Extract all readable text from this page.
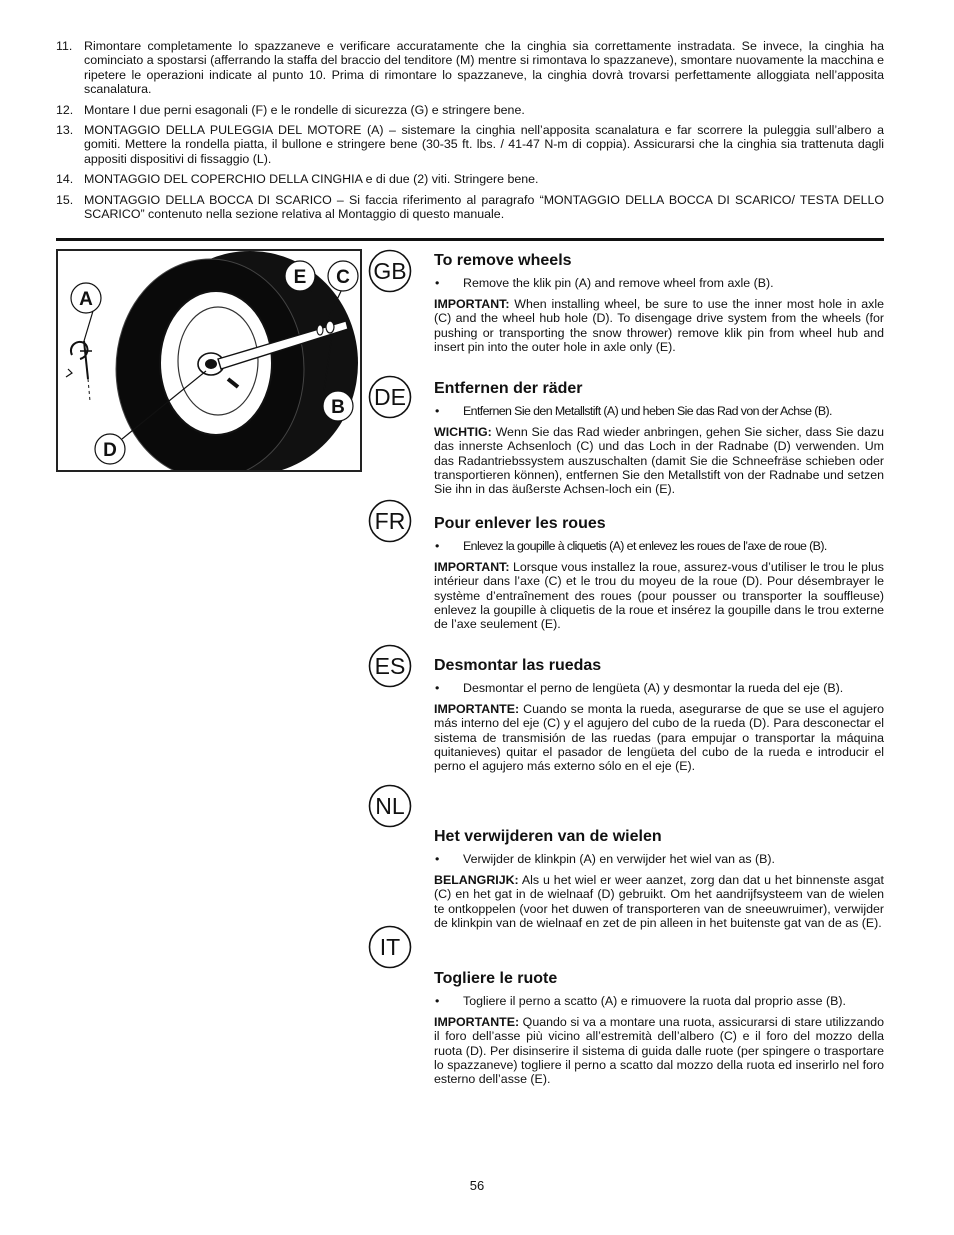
11. Rimontare completamente lo spazzaneve e verificare accuratamente che la cinghia sia correttamente instradata. Se invece, la cinghia ha cominciato a spostarsi (afferrando la staffa del braccio del tenditore (M) mentre si rimontava lo spazzaneve), smontare nuovamente la macchina e ripetere le operazioni indicate al punto 10. Prima di rimontare lo spazzaneve, la cinghia dovrà trovarsi perfettamente alloggiata nell’apposita scanalatura.
12. Montare I due perni esagonali (F) e le rondelle di sicurezza (G) e stringere bene.
13. MONTAGGIO DELLA PULEGGIA DEL MOTORE (A) – sistemare la cinghia nell’apposita scanalatura e far scorrere la puleggia sull’albero a gomiti. Mettere la rondella piatta, il bullone e stringere bene (30-35 ft. lbs. / 41-47 N-m di coppia). Assicurarsi che la cinghia sia trattenuta dagli appositi dispositivi di fissaggio (L).
14. MONTAGGIO DEL COPERCHIO DELLA CINGHIA e di due (2) viti. Stringere bene.
15. MONTAGGIO DELLA BOCCA DI SCARICO – Si faccia riferimento al paragrafo “MONTAGGIO DELLA BOCCA DI SCARICO/ TESTA DELLO SCARICO” contenuto nella sezione relativa al Montaggio di questo manuale.
A
E C
B
D
GB
DE
FR
ES
NL
IT
To remove wheels
•	Remove the klik pin (A) and remove wheel from axle (B).

IMPORTANT: When installing wheel, be sure to use the inner most hole in axle (C) and the wheel hub hole (D). To disengage drive system from the wheels (for pushing or transporting the snow thrower) remove klik pin from wheel hub and insert pin into the outer hole in axle only (E).

Entfernen der räder
•	Entfernen Sie den Metallstift (A) und heben Sie das Rad von der Achse (B).

WICHTIG: Wenn Sie das Rad wieder anbringen, gehen Sie sicher, dass Sie dazu das innerste Achsenloch (C) und das Loch in der Radnabe (D) verwenden. Um das Radantriebssystem auszuschalten (damit Sie die Schneefräse schieben oder transportieren können), entfernen Sie den Metallstift von der Radnabe und setzen Sie ihn in das äußerste Achsen-loch ein (E).

Pour enlever les roues
•	Enlevez la goupille à cliquetis (A) et enlevez les roues de l’axe de roue (B).

IMPORTANT: Lorsque vous installez la roue, assurez-vous d’utiliser le trou le plus intérieur dans l’axe (C) et le trou du moyeu de la roue (D). Pour désembrayer le système d’entraînement des roues (pour pousser ou transporter la souffleuse) enlevez la goupille à cliquetis de la roue et insérez la goupille dans le trou externe de l’axe seulement (E).

Desmontar las ruedas
•	Desmontar el perno de lengüeta (A) y desmontar la rueda del eje (B).

IMPORTANTE: Cuando se monta la rueda, asegurarse de que se use el agujero más interno del eje (C) y el agujero del cubo de la rueda (D). Para desconectar el sistema de transmisión de las ruedas (para empujar o transportar la máquina quitanieves) quitar el pasador de lengüeta del cubo de la rueda e introducir el perno el agujero más externo sólo en el eje (E).

Het verwijderen van de wielen
•	Verwijder de klinkpin (A) en verwijder het wiel van as (B).

BELANGRIJK: Als u het wiel er weer aanzet, zorg dan dat u het binnenste asgat (C) en het gat in de wielnaaf (D) gebruikt. Om het aandrijfsysteem van de wielen te ontkoppelen (voor het duwen of transporteren van de sneeuwruimer), verwijder de klinkpin van de wielnaaf en zet de pin alleen in het buitenste gat van de as (E).

Togliere le ruote
•	Togliere il perno a scatto (A) e rimuovere la ruota dal proprio asse (B).

IMPORTANTE: Quando si va a montare una ruota, assicurarsi di stare utilizzando il foro dell’asse più vicino all’estremità dell’albero (C) e il foro del mozzo della ruota (D). Per disinserire il sistema di guida dalle ruote (per spingere o trasportare lo spazzaneve) togliere il perno a scatto dal mozzo della ruota ed inserirlo nel foro esterno dell’asse (E).

56
